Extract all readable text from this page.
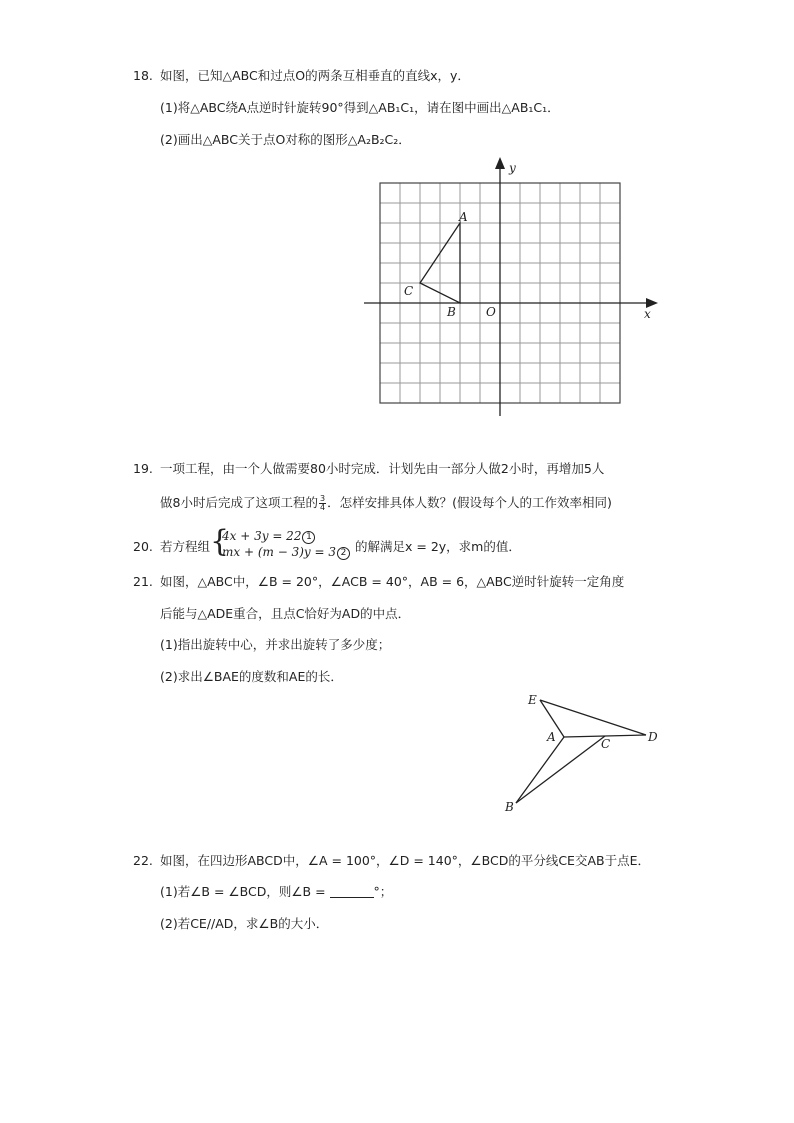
18. 如图，已知△ABC和过点O的两条互相垂直的直线x，y．
(1)将△ABC绕A点逆时针旋转90°得到△AB₁C₁，请在图中画出△AB₁C₁．
(2)画出△ABC关于点O对称的图形△A₂B₂C₂．
A
B
C
O	x
y
E
A	C	D
B
19. 一项工程，由一个人做需要80小时完成．计划先由一部分人做2小时，再增加5人
做8小时后完成了这项工程的 $\frac{3}{4}$ ．怎样安排具体人数？(假设每个人的工作效率相同)
20. 若方程组 {
4x + 3y = 22 1
mx + (m − 3)y = 3 2 的解满足x = 2y，求m的值．
21. 如图，△ABC中，∠B = 20°，∠ACB = 40°，AB = 6，△ABC逆时针旋转一定角度
后能与△ADE重合，且点C恰好为AD的中点．
(1)指出旋转中心，并求出旋转了多少度；
(2)求出∠BAE的度数和AE的长．
22. 如图，在四边形ABCD中，∠A = 100°，∠D = 140°，∠BCD的平分线CE交AB于点E．
(1)若∠B = ∠BCD，则∠B =	°；
(2)若CE//AD，求∠B的大小．
